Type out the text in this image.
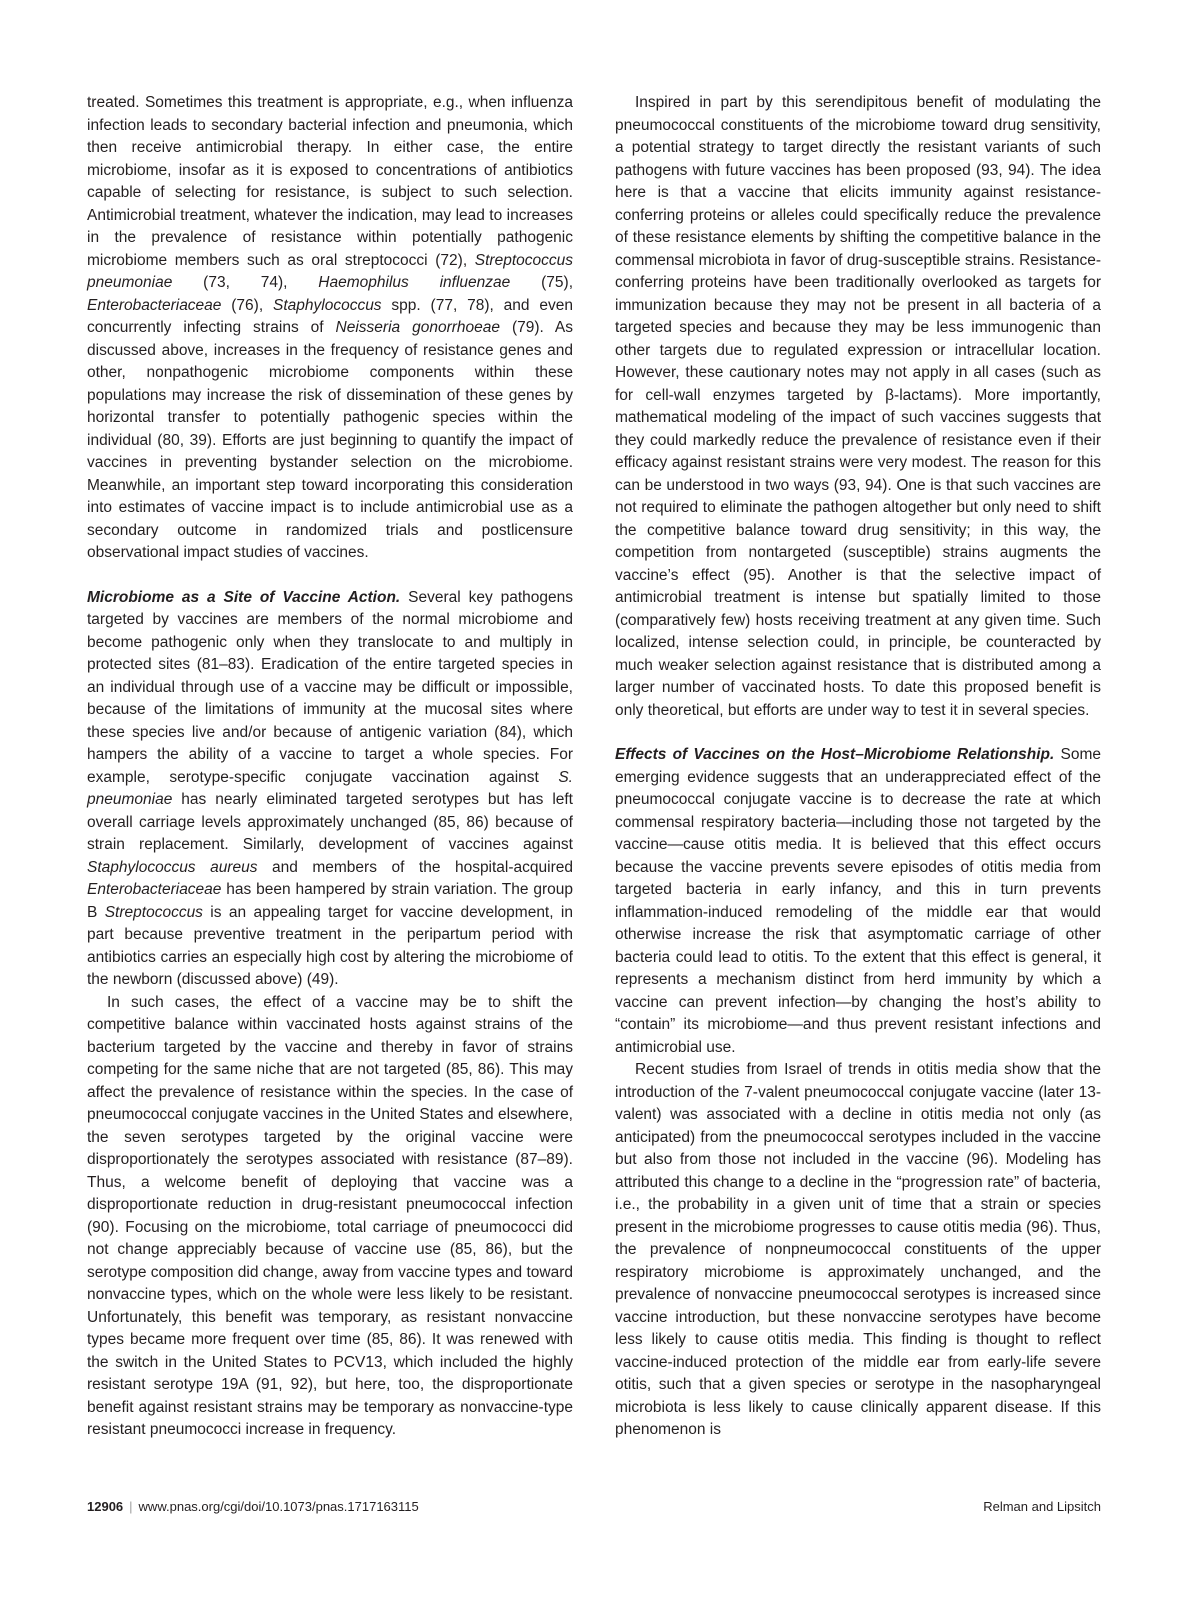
treated. Sometimes this treatment is appropriate, e.g., when influenza infection leads to secondary bacterial infection and pneumonia, which then receive antimicrobial therapy. In either case, the entire microbiome, insofar as it is exposed to concentrations of antibiotics capable of selecting for resistance, is subject to such selection. Antimicrobial treatment, whatever the indication, may lead to increases in the prevalence of resistance within potentially pathogenic microbiome members such as oral streptococci (72), Streptococcus pneumoniae (73, 74), Haemophilus influenzae (75), Enterobacteriaceae (76), Staphylococcus spp. (77, 78), and even concurrently infecting strains of Neisseria gonorrhoeae (79). As discussed above, increases in the frequency of resistance genes and other, nonpathogenic microbiome components within these populations may increase the risk of dissemination of these genes by horizontal transfer to potentially pathogenic species within the individual (80, 39). Efforts are just beginning to quantify the impact of vaccines in preventing bystander selection on the microbiome. Meanwhile, an important step toward incorporating this consideration into estimates of vaccine impact is to include antimicrobial use as a secondary outcome in randomized trials and postlicensure observational impact studies of vaccines.

Microbiome as a Site of Vaccine Action. Several key pathogens targeted by vaccines are members of the normal microbiome and become pathogenic only when they translocate to and multiply in protected sites (81–83). Eradication of the entire targeted species in an individual through use of a vaccine may be difficult or impossible, because of the limitations of immunity at the mucosal sites where these species live and/or because of antigenic variation (84), which hampers the ability of a vaccine to target a whole species. For example, serotype-specific conjugate vaccination against S. pneumoniae has nearly eliminated targeted serotypes but has left overall carriage levels approximately unchanged (85, 86) because of strain replacement. Similarly, development of vaccines against Staphylococcus aureus and members of the hospital-acquired Enterobacteriaceae has been hampered by strain variation. The group B Streptococcus is an appealing target for vaccine development, in part because preventive treatment in the peripartum period with antibiotics carries an especially high cost by altering the microbiome of the newborn (discussed above) (49).

In such cases, the effect of a vaccine may be to shift the competitive balance within vaccinated hosts against strains of the bacterium targeted by the vaccine and thereby in favor of strains competing for the same niche that are not targeted (85, 86). This may affect the prevalence of resistance within the species. In the case of pneumococcal conjugate vaccines in the United States and elsewhere, the seven serotypes targeted by the original vaccine were disproportionately the serotypes associated with resistance (87–89). Thus, a welcome benefit of deploying that vaccine was a disproportionate reduction in drug-resistant pneumococcal infection (90). Focusing on the microbiome, total carriage of pneumococci did not change appreciably because of vaccine use (85, 86), but the serotype composition did change, away from vaccine types and toward nonvaccine types, which on the whole were less likely to be resistant. Unfortunately, this benefit was temporary, as resistant nonvaccine types became more frequent over time (85, 86). It was renewed with the switch in the United States to PCV13, which included the highly resistant serotype 19A (91, 92), but here, too, the disproportionate benefit against resistant strains may be temporary as nonvaccine-type resistant pneumococci increase in frequency.

Inspired in part by this serendipitous benefit of modulating the pneumococcal constituents of the microbiome toward drug sensitivity, a potential strategy to target directly the resistant variants of such pathogens with future vaccines has been proposed (93, 94). The idea here is that a vaccine that elicits immunity against resistance-conferring proteins or alleles could specifically reduce the prevalence of these resistance elements by shifting the competitive balance in the commensal microbiota in favor of drug-susceptible strains. Resistance-conferring proteins have been traditionally overlooked as targets for immunization because they may not be present in all bacteria of a targeted species and because they may be less immunogenic than other targets due to regulated expression or intracellular location. However, these cautionary notes may not apply in all cases (such as for cell-wall enzymes targeted by β-lactams). More importantly, mathematical modeling of the impact of such vaccines suggests that they could markedly reduce the prevalence of resistance even if their efficacy against resistant strains were very modest. The reason for this can be understood in two ways (93, 94). One is that such vaccines are not required to eliminate the pathogen altogether but only need to shift the competitive balance toward drug sensitivity; in this way, the competition from nontargeted (susceptible) strains augments the vaccine’s effect (95). Another is that the selective impact of antimicrobial treatment is intense but spatially limited to those (comparatively few) hosts receiving treatment at any given time. Such localized, intense selection could, in principle, be counteracted by much weaker selection against resistance that is distributed among a larger number of vaccinated hosts. To date this proposed benefit is only theoretical, but efforts are under way to test it in several species.

Effects of Vaccines on the Host–Microbiome Relationship. Some emerging evidence suggests that an underappreciated effect of the pneumococcal conjugate vaccine is to decrease the rate at which commensal respiratory bacteria—including those not targeted by the vaccine—cause otitis media. It is believed that this effect occurs because the vaccine prevents severe episodes of otitis media from targeted bacteria in early infancy, and this in turn prevents inflammation-induced remodeling of the middle ear that would otherwise increase the risk that asymptomatic carriage of other bacteria could lead to otitis. To the extent that this effect is general, it represents a mechanism distinct from herd immunity by which a vaccine can prevent infection—by changing the host’s ability to “contain” its microbiome—and thus prevent resistant infections and antimicrobial use.

Recent studies from Israel of trends in otitis media show that the introduction of the 7-valent pneumococcal conjugate vaccine (later 13-valent) was associated with a decline in otitis media not only (as anticipated) from the pneumococcal serotypes included in the vaccine but also from those not included in the vaccine (96). Modeling has attributed this change to a decline in the “progression rate” of bacteria, i.e., the probability in a given unit of time that a strain or species present in the microbiome progresses to cause otitis media (96). Thus, the prevalence of nonpneumococcal constituents of the upper respiratory microbiome is approximately unchanged, and the prevalence of nonvaccine pneumococcal serotypes is increased since vaccine introduction, but these nonvaccine serotypes have become less likely to cause otitis media. This finding is thought to reflect vaccine-induced protection of the middle ear from early-life severe otitis, such that a given species or serotype in the nasopharyngeal microbiota is less likely to cause clinically apparent disease. If this phenomenon is

12906 | www.pnas.org/cgi/doi/10.1073/pnas.1717163115	Relman and Lipsitch
